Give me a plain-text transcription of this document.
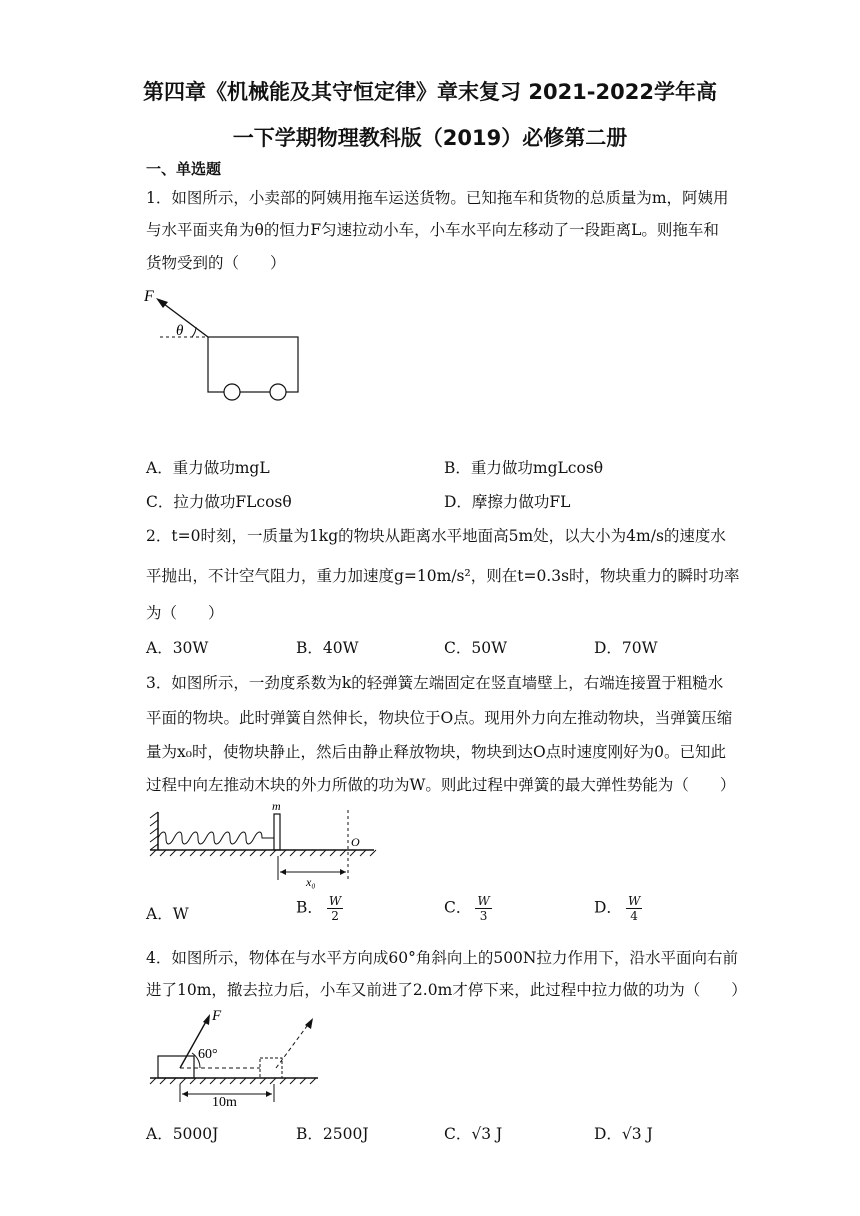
第四章《机械能及其守恒定律》章末复习 2021-2022学年高
一下学期物理教科版（2019）必修第二册
一、单选题
1．如图所示，小卖部的阿姨用拖车运送货物。已知拖车和货物的总质量为m，阿姨用
与水平面夹角为θ的恒力F匀速拉动小车，小车水平向左移动了一段距离L。则拖车和
货物受到的（　　）
F
θ
A．重力做功mgL	B．重力做功mgLcosθ
C．拉力做功FLcosθ	D．摩擦力做功FL
2．t=0时刻，一质量为1kg的物块从距离水平地面高5m处，以大小为4m/s的速度水
平抛出，不计空气阻力，重力加速度g=10m/s²，则在t=0.3s时，物块重力的瞬时功率
为（　　）
A．30W	B．40W	C．50W	D．70W
3．如图所示，一劲度系数为k的轻弹簧左端固定在竖直墙壁上，右端连接置于粗糙水
平面的物块。此时弹簧自然伸长，物块位于O点。现用外力向左推动物块，当弹簧压缩
量为x₀时，使物块静止，然后由静止释放物块，物块到达O点时速度刚好为0。已知此
过程中向左推动木块的外力所做的功为W。则此过程中弹簧的最大弹性势能为（　　）
m
O
x₀
A．W	B． $\frac{W}{2}$	C． $\frac{W}{3}$	D． $\frac{W}{4}$
4．如图所示，物体在与水平方向成60°角斜向上的500N拉力作用下，沿水平面向右前
进了10m，撤去拉力后，小车又前进了2.0m才停下来，此过程中拉力做的功为（　　）
F
60°
10m
A．5000J	B．2500J	C．√3 J	D．√3 J
